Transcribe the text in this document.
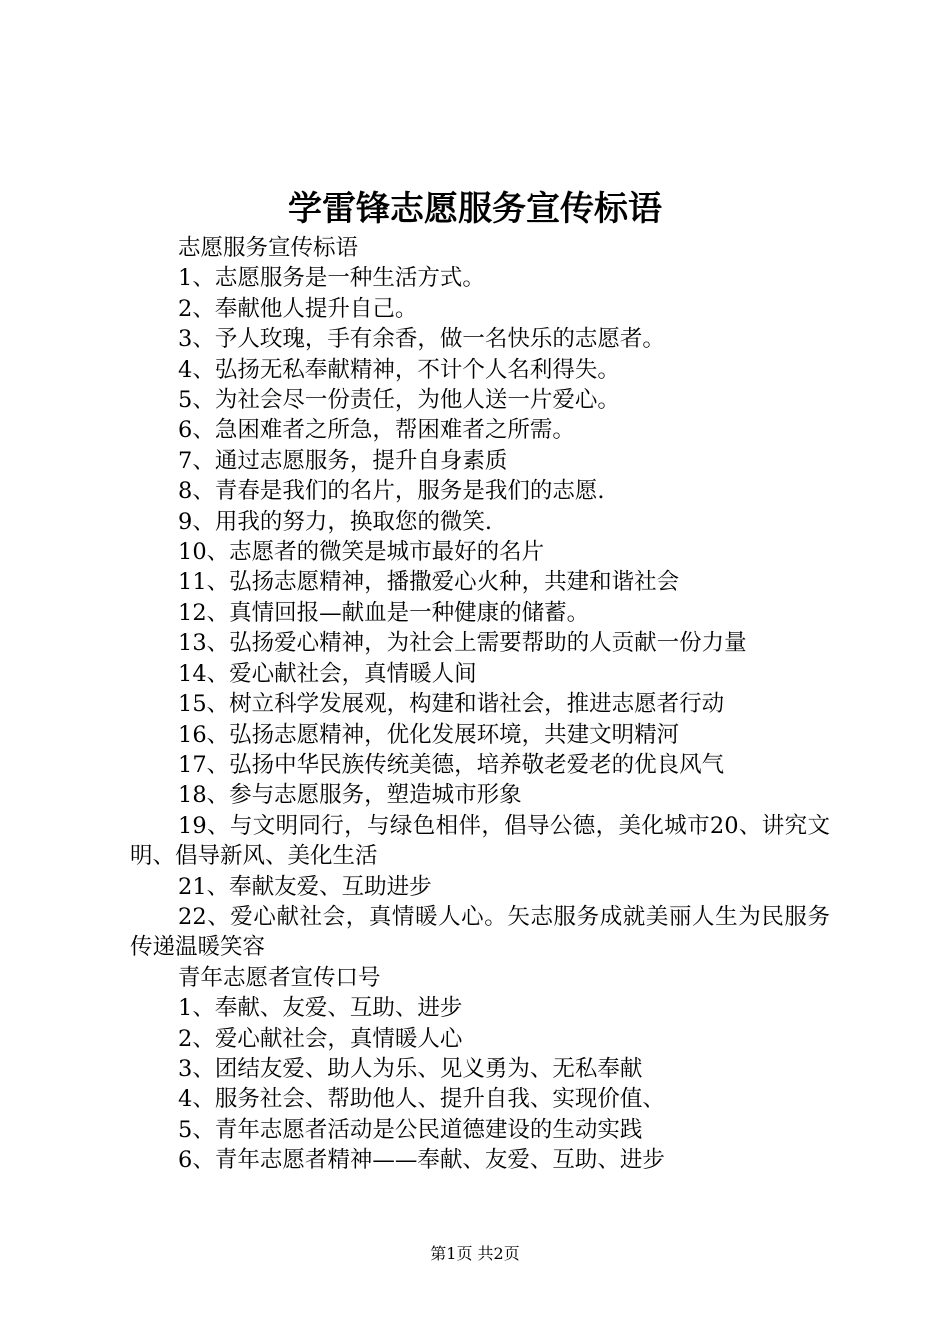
学雷锋志愿服务宣传标语

志愿服务宣传标语

1、志愿服务是一种生活方式。

2、奉献他人提升自己。

3、予人玫瑰，手有余香，做一名快乐的志愿者。

4、弘扬无私奉献精神，不计个人名利得失。

5、为社会尽一份责任，为他人送一片爱心。

6、急困难者之所急，帮困难者之所需。

7、通过志愿服务，提升自身素质

8、青春是我们的名片，服务是我们的志愿.

9、用我的努力，换取您的微笑.

10、志愿者的微笑是城市最好的名片

11、弘扬志愿精神，播撒爱心火种，共建和谐社会

12、真情回报—献血是一种健康的储蓄。

13、弘扬爱心精神，为社会上需要帮助的人贡献一份力量

14、爱心献社会，真情暖人间

15、树立科学发展观，构建和谐社会，推进志愿者行动

16、弘扬志愿精神，优化发展环境，共建文明精河

17、弘扬中华民族传统美德，培养敬老爱老的优良风气

18、参与志愿服务，塑造城市形象

19、与文明同行，与绿色相伴，倡导公德，美化城市20、讲究文明、倡导新风、美化生活

21、奉献友爱、互助进步

22、爱心献社会，真情暖人心。矢志服务成就美丽人生为民服务传递温暖笑容

青年志愿者宣传口号

1、奉献、友爱、互助、进步

2、爱心献社会，真情暖人心

3、团结友爱、助人为乐、见义勇为、无私奉献

4、服务社会、帮助他人、提升自我、实现价值、

5、青年志愿者活动是公民道德建设的生动实践

6、青年志愿者精神——奉献、友爱、互助、进步

第1页 共2页
